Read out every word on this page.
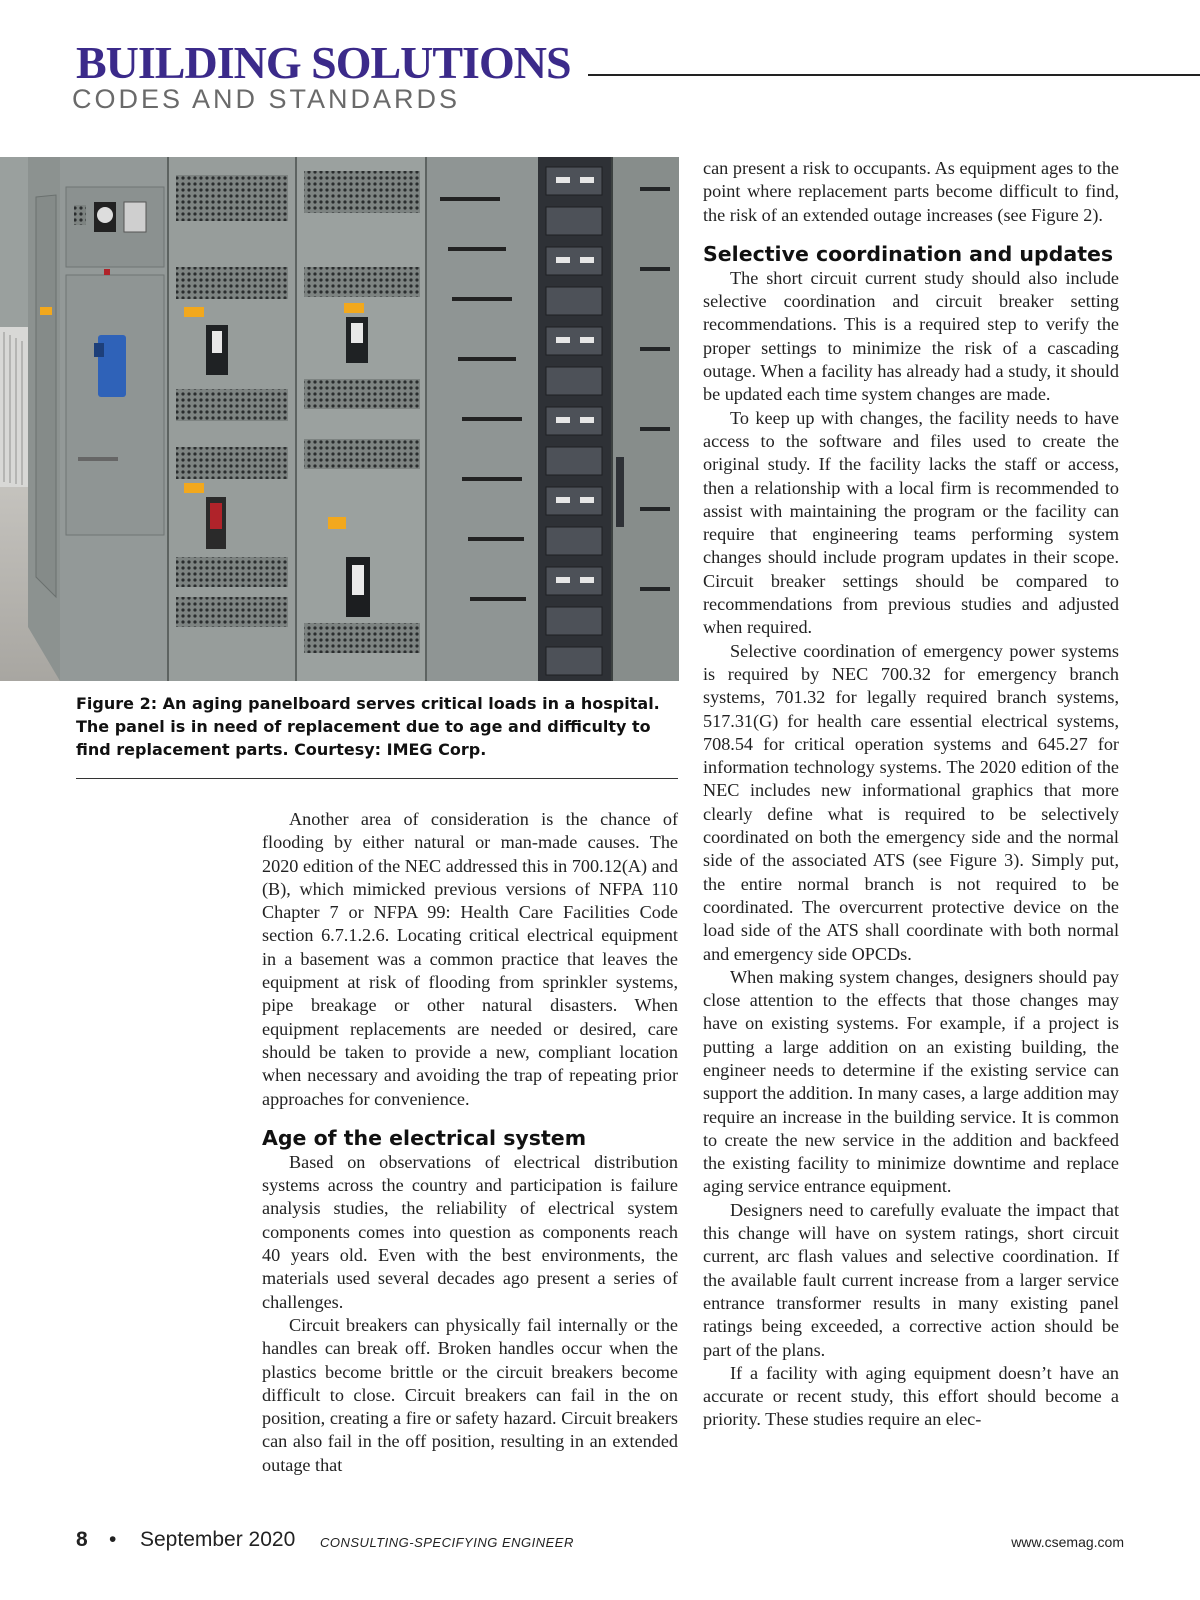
BUILDING SOLUTIONS
CODES AND STANDARDS
Figure 2: An aging panelboard serves critical loads in a hospital. The panel is in need of replacement due to age and difficulty to find replacement parts. Courtesy: IMEG Corp.

Another area of consideration is the chance of flooding by either natural or man-made causes. The 2020 edition of the NEC addressed this in 700.12(A) and (B), which mimicked previous versions of NFPA 110 Chapter 7 or NFPA 99: Health Care Facilities Code section 6.7.1.2.6. Locating critical electrical equipment in a basement was a common practice that leaves the equipment at risk of flooding from sprinkler systems, pipe breakage or other natural disasters. When equipment replacements are needed or desired, care should be taken to provide a new, compliant location when necessary and avoiding the trap of repeating prior approaches for convenience.

Age of the electrical system

Based on observations of electrical distribution systems across the country and participation is failure analysis studies, the reliability of electrical system components comes into question as components reach 40 years old. Even with the best environments, the materials used several decades ago present a series of challenges.

Circuit breakers can physically fail internally or the handles can break off. Broken handles occur when the plastics become brittle or the circuit breakers become difficult to close. Circuit breakers can fail in the on position, creating a fire or safety hazard. Circuit breakers can also fail in the off position, resulting in an extended outage that

can present a risk to occupants. As equipment ages to the point where replacement parts become difficult to find, the risk of an extended outage increases (see Figure 2).

Selective coordination and updates

The short circuit current study should also include selective coordination and circuit breaker setting recommendations. This is a required step to verify the proper settings to minimize the risk of a cascading outage. When a facility has already had a study, it should be updated each time system changes are made.

To keep up with changes, the facility needs to have access to the software and files used to create the original study. If the facility lacks the staff or access, then a relationship with a local firm is recommended to assist with maintaining the program or the facility can require that engineering teams performing system changes should include program updates in their scope. Circuit breaker settings should be compared to recommendations from previous studies and adjusted when required.

Selective coordination of emergency power systems is required by NEC 700.32 for emergency branch systems, 701.32 for legally required branch systems, 517.31(G) for health care essential electrical systems, 708.54 for critical operation systems and 645.27 for information technology systems. The 2020 edition of the NEC includes new informational graphics that more clearly define what is required to be selectively coordinated on both the emergency side and the normal side of the associated ATS (see Figure 3). Simply put, the entire normal branch is not required to be coordinated. The overcurrent protective device on the load side of the ATS shall coordinate with both normal and emergency side OPCDs.

When making system changes, designers should pay close attention to the effects that those changes may have on existing systems. For example, if a project is putting a large addition on an existing building, the engineer needs to determine if the existing service can support the addition. In many cases, a large addition may require an increase in the building service. It is common to create the new service in the addition and backfeed the existing facility to minimize downtime and replace aging service entrance equipment.

Designers need to carefully evaluate the impact that this change will have on system ratings, short circuit current, arc flash values and selective coordination. If the available fault current increase from a larger service entrance transformer results in many existing panel ratings being exceeded, a corrective action should be part of the plans.

If a facility with aging equipment doesn’t have an accurate or recent study, this effort should become a priority. These studies require an elec-

8 • September 2020 CONSULTING-SPECIFYING ENGINEER	www.csemag.com
